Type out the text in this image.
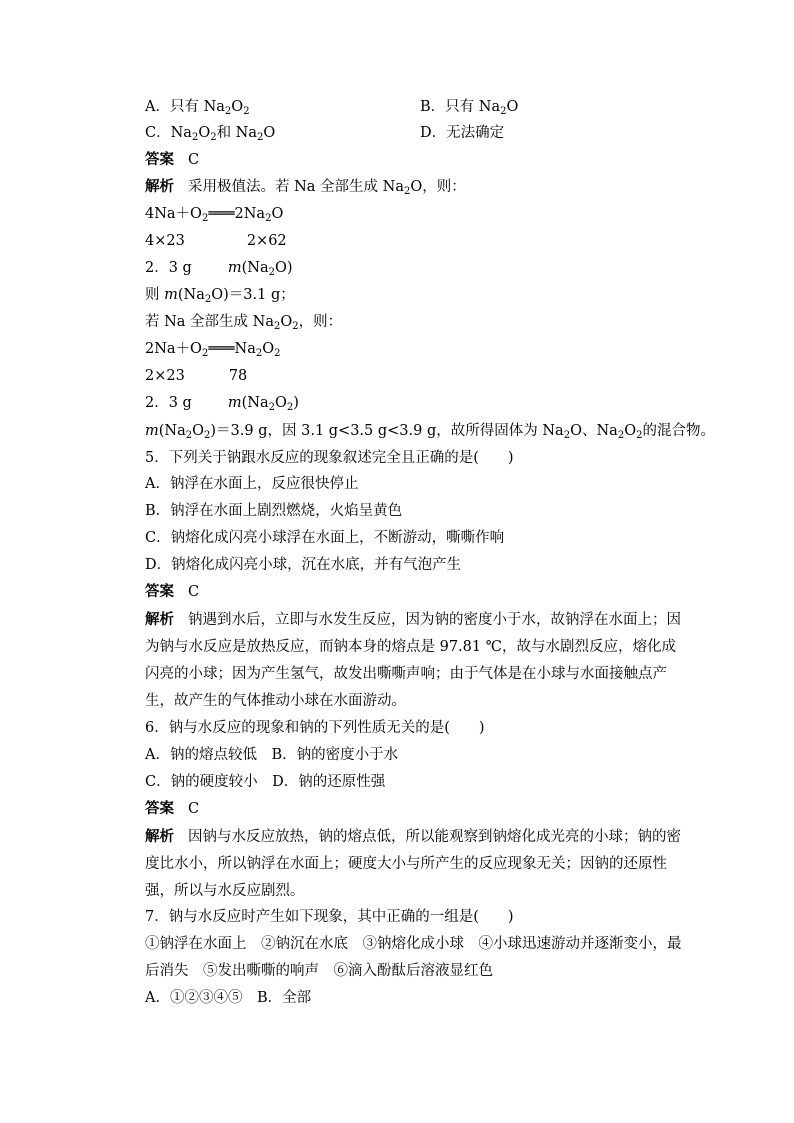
A．只有 $Na_2O_2$	B．只有 $Na_2O$
C．$Na_2O_2$和 $Na_2O$	D．无法确定
答案 C
解析 采用极值法。若 Na 全部生成 $Na_2O$，则：
$4Na+O_2═══2Na_2O$
4×23	2×62
2．3 g $m(Na_2O)$
则 $m(Na_2O)=3.1$ g；
若 Na 全部生成 $Na_2O_2$，则：
$2Na+O_2═══Na_2O_2$
2×23	78
2．3 g $m(Na_2O_2)$
$m(Na_2O_2)=3.9$ g，因 3.1 g<3.5 g<3.9 g，故所得固体为 $Na_2O$、$Na_2O_2$的混合物。
5．下列关于钠跟水反应的现象叙述完全且正确的是(　　)
A．钠浮在水面上，反应很快停止
B．钠浮在水面上剧烈燃烧，火焰呈黄色
C．钠熔化成闪亮小球浮在水面上，不断游动，嘶嘶作响
D．钠熔化成闪亮小球，沉在水底，并有气泡产生
答案 C
解析 钠遇到水后，立即与水发生反应，因为钠的密度小于水，故钠浮在水面上；因为钠与水反应是放热反应，而钠本身的熔点是 97.81 ℃，故与水剧烈反应，熔化成闪亮的小球；因为产生氢气，故发出嘶嘶声响；由于气体是在小球与水面接触点产生，故产生的气体推动小球在水面游动。
6．钠与水反应的现象和钠的下列性质无关的是(　　)
A．钠的熔点较低　B．钠的密度小于水
C．钠的硬度较小　D．钠的还原性强
答案 C
解析 因钠与水反应放热，钠的熔点低，所以能观察到钠熔化成光亮的小球；钠的密度比水小，所以钠浮在水面上；硬度大小与所产生的反应现象无关；因钠的还原性强，所以与水反应剧烈。
7．钠与水反应时产生如下现象，其中正确的一组是(　　)
①钠浮在水面上　②钠沉在水底　③钠熔化成小球　④小球迅速游动并逐渐变小，最后消失　⑤发出嘶嘶的响声　⑥滴入酚酞后溶液显红色
A．①②③④⑤　B．全部
